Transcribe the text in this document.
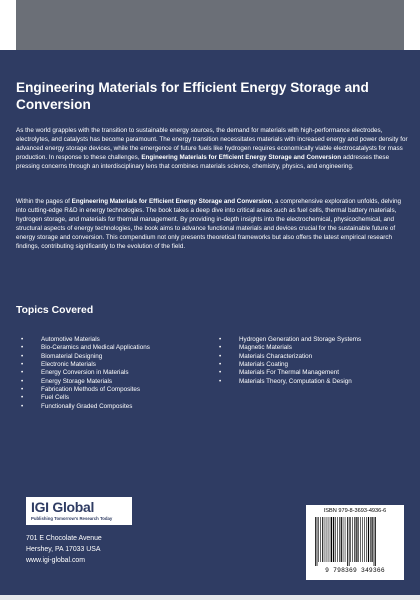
Engineering Materials for Efficient Energy Storage and Conversion

As the world grapples with the transition to sustainable energy sources, the demand for materials with high-performance electrodes, electrolytes, and catalysts has become paramount. The energy transition necessitates materials with increased energy and power density for advanced energy storage devices, while the emergence of future fuels like hydrogen requires economically viable electrocatalysts for mass production. In response to these challenges, Engineering Materials for Efficient Energy Storage and Conversion addresses these pressing concerns through an interdisciplinary lens that combines materials science, chemistry, physics, and engineering.

Within the pages of Engineering Materials for Efficient Energy Storage and Conversion, a comprehensive exploration unfolds, delving into cutting-edge R&D in energy technologies. The book takes a deep dive into critical areas such as fuel cells, thermal battery materials, hydrogen storage, and materials for thermal management. By providing in-depth insights into the electrochemical, physicochemical, and structural aspects of energy technologies, the book aims to advance functional materials and devices crucial for the sustainable future of energy storage and conversion. This compendium not only presents theoretical frameworks but also offers the latest empirical research findings, contributing significantly to the evolution of the field.

Topics Covered
•	Automotive Materials
•	Bio-Ceramics and Medical Applications
•	Biomaterial Designing
•	Electronic Materials
•	Energy Conversion in Materials
•	Energy Storage Materials
•	Fabrication Methods of Composites
•	Fuel Cells
•	Functionally Graded Composites
•	Hydrogen Generation and Storage Systems
•	Magnetic Materials
•	Materials Characterization
•	Materials Coating
•	Materials For Thermal Management
•	Materials Theory, Computation & Design
IGI Global
Publishing Tomorrow's Research Today
701 E Chocolate Avenue
Hershey, PA 17033 USA
www.igi-global.com
ISBN 979-8-3693-4936-6
9 798369 349366
